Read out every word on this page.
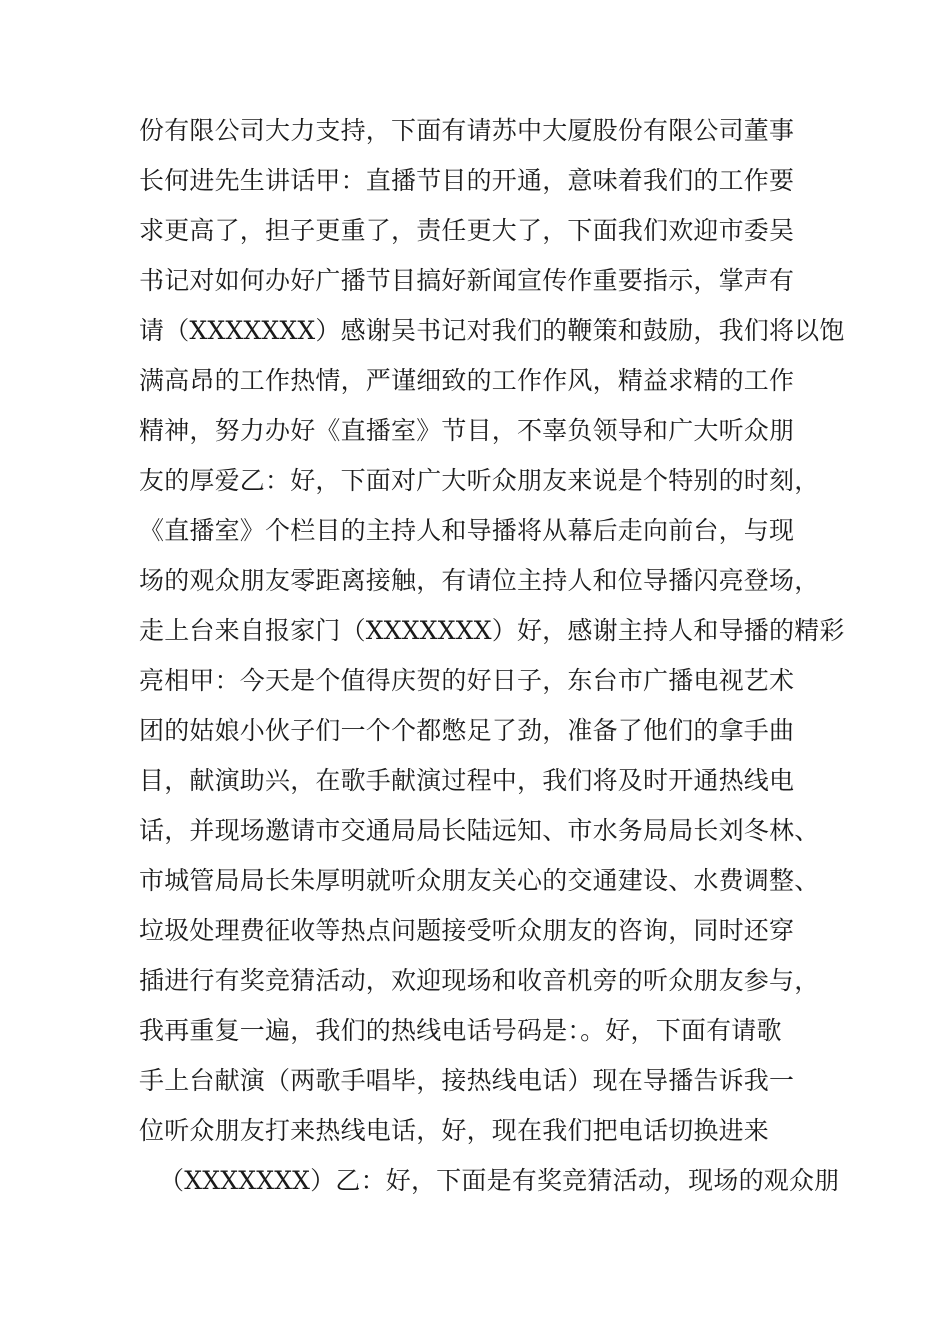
份有限公司大力支持，下面有请苏中大厦股份有限公司董事
长何进先生讲话甲：直播节目的开通，意味着我们的工作要
求更高了，担子更重了，责任更大了，下面我们欢迎市委吴
书记对如何办好广播节目搞好新闻宣传作重要指示，掌声有
请（XXXXXXX）感谢吴书记对我们的鞭策和鼓励，我们将以饱
满高昂的工作热情，严谨细致的工作作风，精益求精的工作
精神，努力办好《直播室》节目，不辜负领导和广大听众朋
友的厚爱乙：好，下面对广大听众朋友来说是个特别的时刻，
《直播室》个栏目的主持人和导播将从幕后走向前台，与现
场的观众朋友零距离接触，有请位主持人和位导播闪亮登场，
走上台来自报家门（XXXXXXX）好，感谢主持人和导播的精彩
亮相甲：今天是个值得庆贺的好日子，东台市广播电视艺术
团的姑娘小伙子们一个个都憋足了劲，准备了他们的拿手曲
目，献演助兴，在歌手献演过程中，我们将及时开通热线电
话，并现场邀请市交通局局长陆远知、市水务局局长刘冬林、
市城管局局长朱厚明就听众朋友关心的交通建设、水费调整、
垃圾处理费征收等热点问题接受听众朋友的咨询，同时还穿
插进行有奖竞猜活动，欢迎现场和收音机旁的听众朋友参与，
我再重复一遍，我们的热线电话号码是：。好，下面有请歌
手上台献演（两歌手唱毕，接热线电话）现在导播告诉我一
位听众朋友打来热线电话，好，现在我们把电话切换进来
（XXXXXXX）乙：好，下面是有奖竞猜活动，现场的观众朋
